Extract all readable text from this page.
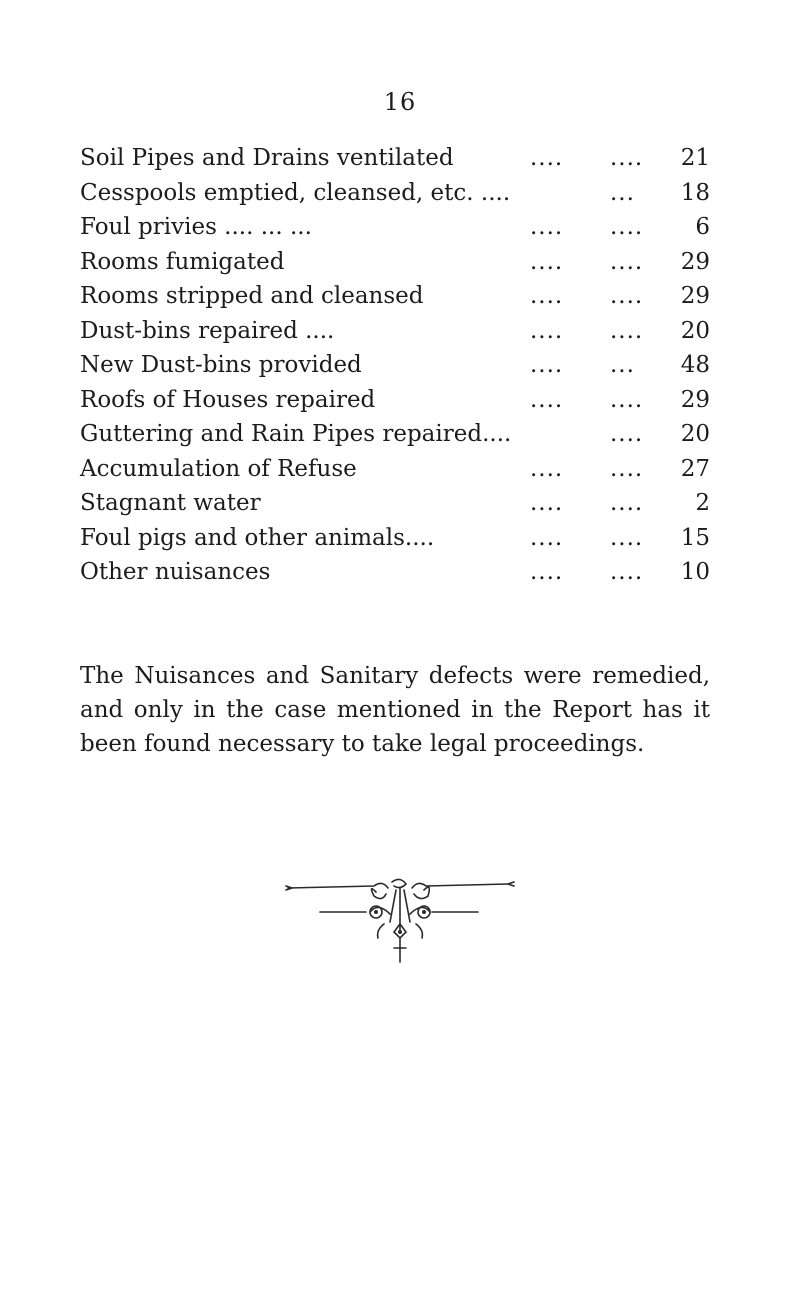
16
Soil Pipes and Drains ventilated	.... ....	21
Cesspools emptied, cleansed, etc. ....	...	18
Foul privies .... ... ...	.... ....	6
Rooms fumigated	.... ....	29
Rooms stripped and cleansed	.... ....	29
Dust-bins repaired ....	.... ....	20
New Dust-bins provided	.... ...	48
Roofs of Houses repaired	.... ....	29
Guttering and Rain Pipes repaired....	....	20
Accumulation of Refuse	.... ....	27
Stagnant water	.... ....	2
Foul pigs and other animals....	.... ....	15
Other nuisances	.... ....	10

The Nuisances and Sanitary defects were remedied, and only in the case mentioned in the Report has it been found necessary to take legal proceedings.
